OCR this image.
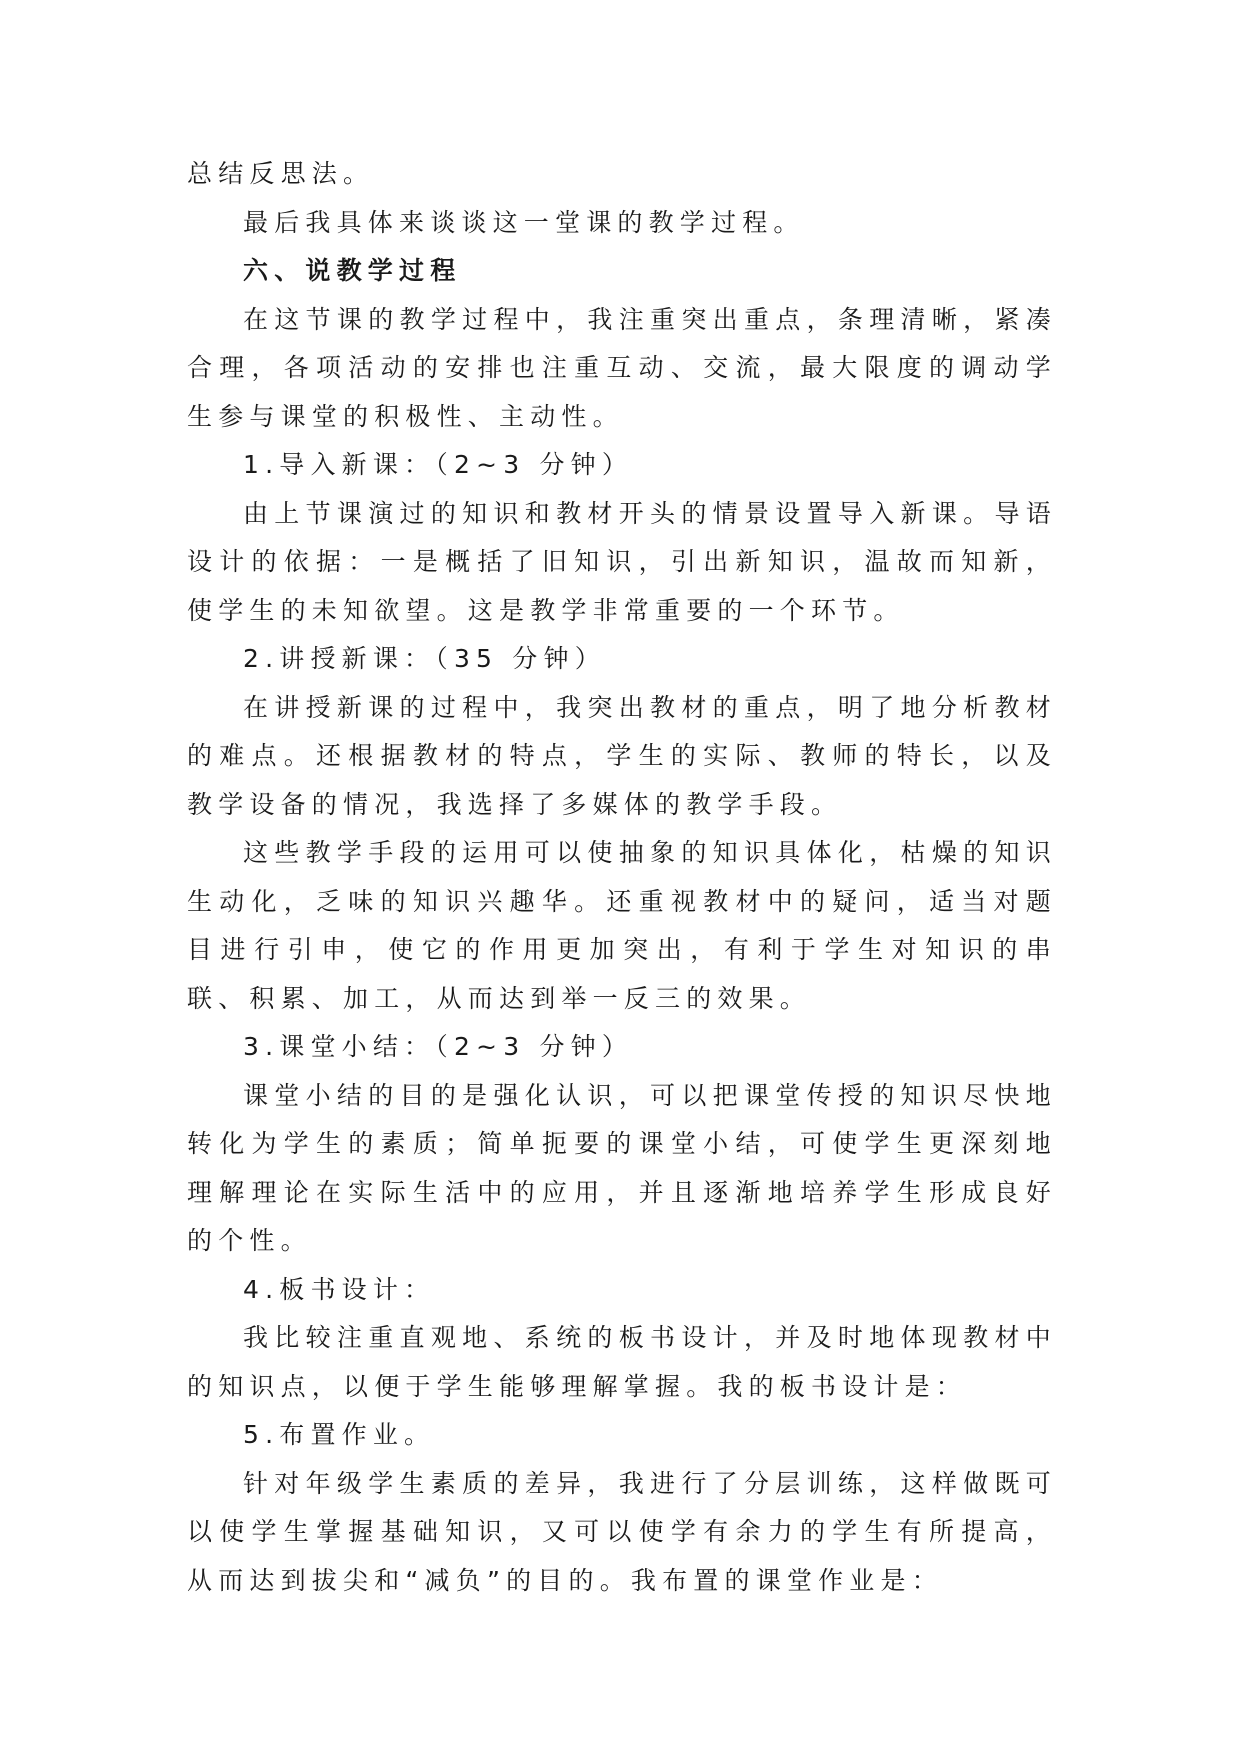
总结反思法。

最后我具体来谈谈这一堂课的教学过程。

六、说教学过程

在这节课的教学过程中，我注重突出重点，条理清晰，紧凑合理，各项活动的安排也注重互动、交流，最大限度的调动学生参与课堂的积极性、主动性。

1.导入新课：（2~3 分钟）

由上节课演过的知识和教材开头的情景设置导入新课。导语设计的依据：一是概括了旧知识，引出新知识，温故而知新，使学生的未知欲望。这是教学非常重要的一个环节。

2.讲授新课：（35 分钟）

在讲授新课的过程中，我突出教材的重点，明了地分析教材的难点。还根据教材的特点，学生的实际、教师的特长，以及教学设备的情况，我选择了多媒体的教学手段。

这些教学手段的运用可以使抽象的知识具体化，枯燥的知识生动化，乏味的知识兴趣华。还重视教材中的疑问，适当对题目进行引申，使它的作用更加突出，有利于学生对知识的串联、积累、加工，从而达到举一反三的效果。

3.课堂小结：（2~3 分钟）

课堂小结的目的是强化认识，可以把课堂传授的知识尽快地转化为学生的素质；简单扼要的课堂小结，可使学生更深刻地理解理论在实际生活中的应用，并且逐渐地培养学生形成良好的个性。

4.板书设计：

我比较注重直观地、系统的板书设计，并及时地体现教材中的知识点，以便于学生能够理解掌握。我的板书设计是：

5.布置作业。

针对年级学生素质的差异，我进行了分层训练，这样做既可以使学生掌握基础知识，又可以使学有余力的学生有所提高，从而达到拔尖和“减负”的目的。我布置的课堂作业是：
